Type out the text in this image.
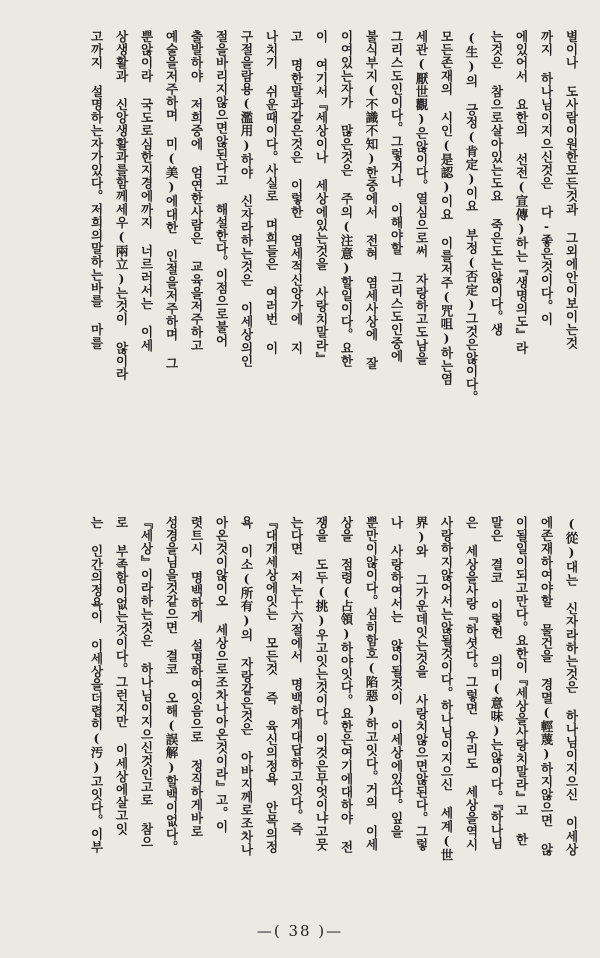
별이나 도사람이원한모든것과 그외에안이보이는것
까지 하나님이지으신것은 다-좋은것이다。이
에있어서 요한의 선전(宣傳)하는『생명의도』라
는것은 참으로살아있는도요 죽은도는않이다。생
(生)의 긍정(肯定)이요 부정(否定)그것은않이다。
모든존재의 시인(是認)이요 이를저주(咒咀)하는염
세관(厭世觀)은않이다。열심으로써 자랑하고도남을
그리스도인이다。그렇거나 이해야할 그리스도인중에
불식부지(不識不知)한중에서 전혀 염세사상에 잘
이여있는자가 많은것은 주의(注意)할일이다。요한
이 여기서『세상이나 세상에있는것을 사랑치말라』
고 명한말과같은것은 이렇한 염세적신앙가에 지
나치기 쉬운때이다。사실로 며희들은 여러번 이
구절을람용(濫用)하야 신자라하는것은 이세상의인
절을바리지않으면않된다고 해설한다。이점으로불어
출발하야 저희중에 엄연한사람은 교육을저주하고
예술을저주하며 미(美)에대한 인절을저주하며 그
뿐않이라 국도로심한지경에까지 너르러서는 이세
상생활과 신앙생활과를함께세우(兩立)는것이 않이라
고까지 설명하는자가있다。저희의말하는바를 마를
(從)대는 신자라하는것은 하나님이지으신 이세상
에존재하여야할 물건을 경멸(輕蔑)하지않으면 않
이될일이되고만다。요한이『세상을사랑치말라』고 한
말은 결코 이렇헌 의미(意味)는않이다。『하나님
은 세상을사랑『하셧다。그렇면 우리도 세상을역시
사랑하지않어서는않될것이다。하나님이지으신 세계(世
界)와 그가운데잇는것을 사랑치않으면않된다。그렇
나 사랑하여서는 않이될것이 이세상에있다。잎을
뿐만이않이다。심히함호(陷惡)하고잇다。거의 이세
상을 점령(占領)하야잇다。요한은여기에대하야 전
쟁을 도두(挑)우고잇는것이다。이것은무엇이냐고뭇
는다면 저는十六절에서 명백하게대답하고잇다。즉
『대개세상에잇는 모든것 즉 육신의정욕 안목의정
욕 이소(所有)의 자랑같은것은 아바지께로조차나
아온것이않이오 세상으로조차나아온것이라』고。이
렷트시 명백하게 설명하여잇음으로 정직하게바로
성경을님을것같으면 결코 오해(誤解)할백이없다。
『세상』이라하는것은 하나님이지으신것인고로 참으
로 부족함이없는것이다。그런지만 이세상에살고잇
는 인간의정욕이 이세상을더렵히(汚)고잇다。이부
—( 38 )—
